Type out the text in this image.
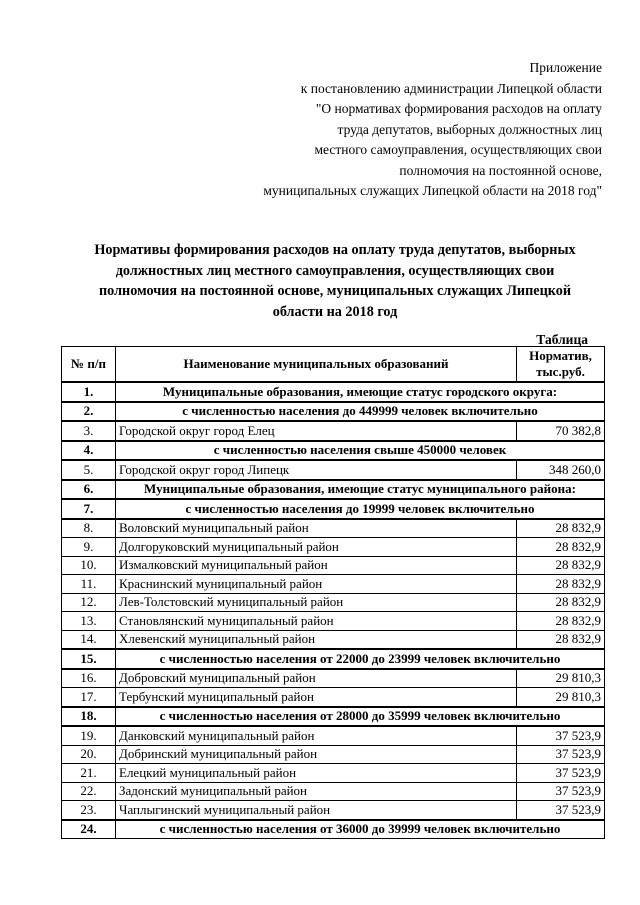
Приложение
к постановлению администрации Липецкой области
"О нормативах формирования расходов на оплату
труда депутатов, выборных должностных лиц
местного самоуправления, осуществляющих свои
полномочия на постоянной основе,
муниципальных служащих Липецкой области на 2018 год"
Нормативы формирования расходов на оплату труда депутатов, выборных
должностных лиц местного самоуправления, осуществляющих свои
полномочия на постоянной основе, муниципальных служащих Липецкой
области на 2018 год
Таблица
№ п/п	Наименование муниципальных образований	Норматив, тыс.руб.
1.	Муниципальные образования, имеющие статус городского округа:	
2.	с численностью населения до 449999 человек включительно	
3.	Городской округ город Елец	70 382,8
4.	с численностью населения свыше 450000 человек	
5.	Городской округ город Липецк	348 260,0
6.	Муниципальные образования, имеющие статус муниципального района:	
7.	с численностью населения до 19999 человек включительно	
8.	Воловский муниципальный район	28 832,9
9.	Долгоруковский муниципальный район	28 832,9
10.	Измалковский муниципальный район	28 832,9
11.	Краснинский муниципальный район	28 832,9
12.	Лев-Толстовский муниципальный район	28 832,9
13.	Становлянский муниципальный район	28 832,9
14.	Хлевенский муниципальный район	28 832,9
15.	с численностью населения от 22000 до 23999 человек включительно	
16.	Добровский муниципальный район	29 810,3
17.	Тербунский муниципальный район	29 810,3
18.	с численностью населения от 28000 до 35999 человек включительно	
19.	Данковский муниципальный район	37 523,9
20.	Добринский муниципальный район	37 523,9
21.	Елецкий муниципальный район	37 523,9
22.	Задонский муниципальный район	37 523,9
23.	Чаплыгинский муниципальный район	37 523,9
24.	с численностью населения от 36000 до 39999 человек включительно	
